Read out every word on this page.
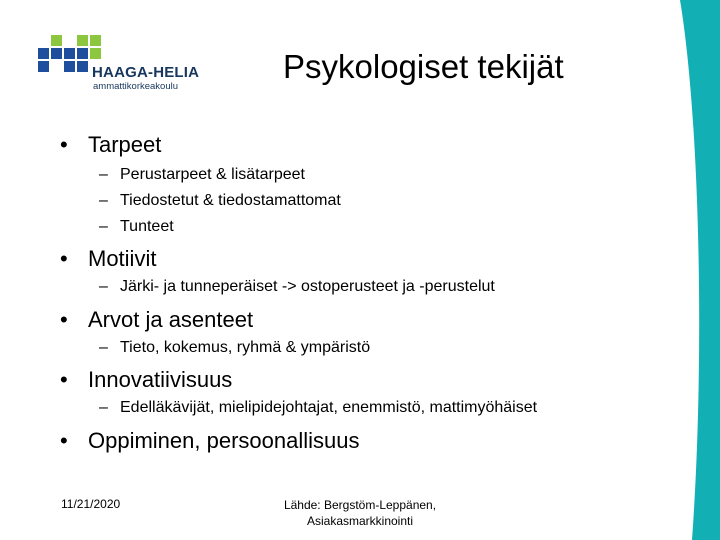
HAAGA-HELIA
ammattikorkeakoulu
Psykologiset tekijät
• Tarpeet
– Perustarpeet & lisätarpeet
– Tiedostetut & tiedostamattomat
– Tunteet
• Motiivit
– Järki- ja tunneperäiset -> ostoperusteet ja -perustelut
• Arvot ja asenteet
– Tieto, kokemus, ryhmä & ympäristö
• Innovatiivisuus
– Edelläkävijät, mielipidejohtajat, enemmistö, mattimyöhäiset
• Oppiminen, persoonallisuus
11/21/2020	Lähde: Bergstöm-Leppänen,
Asiakasmarkkinointi
